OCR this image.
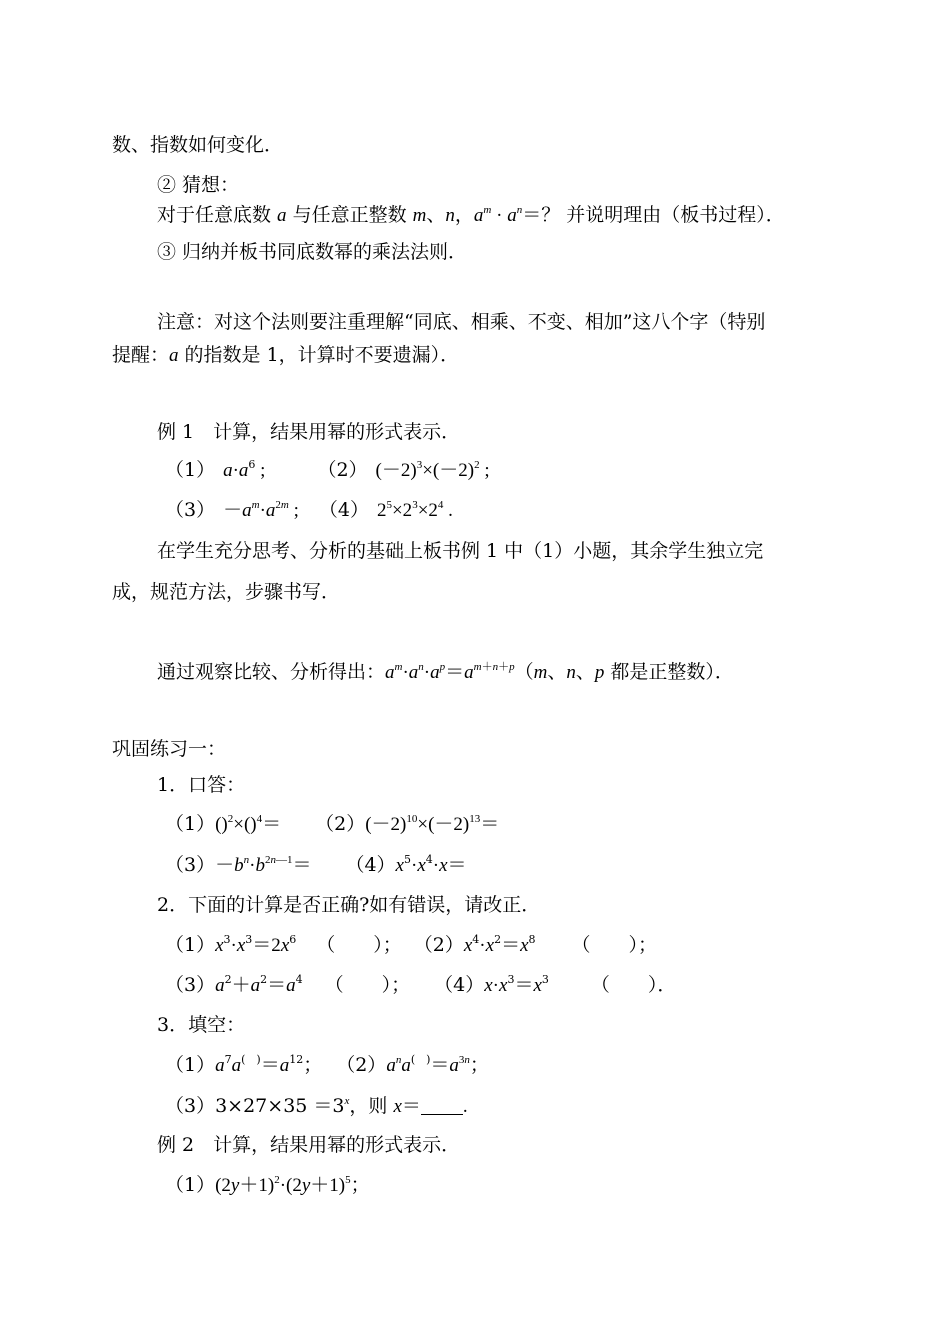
数、指数如何变化．
② 猜想：
对于任意底数 a 与任意正整数 m、n，$a^m \cdot a^n=$？ 并说明理由（板书过程）．
③ 归纳并板书同底数幂的乘法法则．
注意：对这个法则要注重理解“同底、相乘、不变、相加”这八个字（特别
提醒：a 的指数是 1，计算时不要遗漏）．
例 1　计算，结果用幂的形式表示．
（1） $a\cdot a^6$ ;	（2） $(-2)^3\times(-2)^2$ ;
$(3) -a^m\cdot a^{2m}$ ; （4） $2^5\times 2^3\times 2^4$ .
在学生充分思考、分析的基础上板书例 1 中（1）小题，其余学生独立完
成，规范方法，步骤书写．
通过观察比较、分析得出：$a^m\cdot a^n\cdot a^p=a^{m+n+p}(m$、n、p 都是正整数）．
巩固练习一：
1．口答：
$(1)()^2\times()^4= (2)(-2)^{10}\times(-2)^{13}=$
$(3)-b^n\cdot b^{2n—1}= (4)x^5\cdot x^4\cdot x=$
2．下面的计算是否正确?如有错误，请改正．
$(1)x^3\cdot x^3=2x^6$ （　　）； $(2)x^4\cdot x^2=x^8$ （　　）；
$(3)a^2+a^2=a^4$ （　　）； $(4)x\cdot x^3=x^3$ （　　）．
3．填空：
$(1)a^7a^{( )}=a^{12}$； $(2)a^na^{( )}=a^{3n}$；
$(3)3\times 27\times 35 =3^x$，则 x＝ .
例 2　计算，结果用幂的形式表示．
$(1)(2y+1)^2\cdot(2y+1)^5$；
